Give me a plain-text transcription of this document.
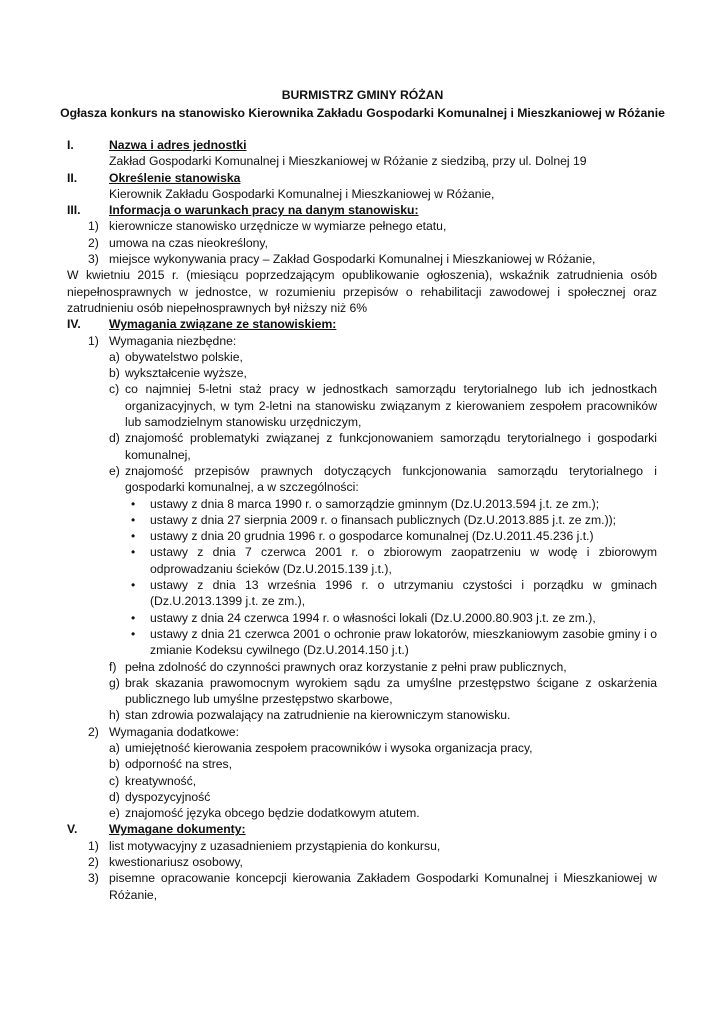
BURMISTRZ GMINY RÓŻAN
Ogłasza konkurs na stanowisko Kierownika Zakładu Gospodarki Komunalnej i Mieszkaniowej w Różanie
I.	Nazwa i adres jednostki
Zakład Gospodarki Komunalnej i Mieszkaniowej w Różanie z siedzibą, przy ul. Dolnej 19
II.	Określenie stanowiska
Kierownik Zakładu Gospodarki Komunalnej i Mieszkaniowej w Różanie,
III. Informacja o warunkach pracy na danym stanowisku:
1) kierownicze stanowisko urzędnicze w wymiarze pełnego etatu,
2) umowa na czas nieokreślony,
3) miejsce wykonywania pracy – Zakład Gospodarki Komunalnej i Mieszkaniowej w Różanie,
W kwietniu 2015 r. (miesiącu poprzedzającym opublikowanie ogłoszenia), wskaźnik zatrudnienia osób niepełnosprawnych w jednostce, w rozumieniu przepisów o rehabilitacji zawodowej i społecznej oraz zatrudnieniu osób niepełnosprawnych był niższy niż 6%
IV. Wymagania związane ze stanowiskiem:
1) Wymagania niezbędne:
a) obywatelstwo polskie,
b) wykształcenie wyższe,
c) co najmniej 5-letni staż pracy w jednostkach samorządu terytorialnego lub ich jednostkach organizacyjnych, w tym 2-letni na stanowisku związanym z kierowaniem zespołem pracowników lub samodzielnym stanowisku urzędniczym,
d) znajomość problematyki związanej z funkcjonowaniem samorządu terytorialnego i gospodarki komunalnej,
e) znajomość przepisów prawnych dotyczących funkcjonowania samorządu terytorialnego i gospodarki komunalnej, a w szczególności:
• ustawy z dnia 8 marca 1990 r. o samorządzie gminnym (Dz.U.2013.594 j.t. ze zm.);
• ustawy z dnia 27 sierpnia 2009 r. o finansach publicznych (Dz.U.2013.885 j.t. ze zm.));
• ustawy z dnia 20 grudnia 1996 r. o gospodarce komunalnej (Dz.U.2011.45.236 j.t.)
• ustawy z dnia 7 czerwca 2001 r. o zbiorowym zaopatrzeniu w wodę i zbiorowym odprowadzaniu ścieków (Dz.U.2015.139 j.t.),
• ustawy z dnia 13 września 1996 r. o utrzymaniu czystości i porządku w gminach (Dz.U.2013.1399 j.t. ze zm.),
• ustawy z dnia 24 czerwca 1994 r. o własności lokali (Dz.U.2000.80.903 j.t. ze zm.),
• ustawy z dnia 21 czerwca 2001 o ochronie praw lokatorów, mieszkaniowym zasobie gminy i o zmianie Kodeksu cywilnego (Dz.U.2014.150 j.t.)
f) pełna zdolność do czynności prawnych oraz korzystanie z pełni praw publicznych,
g) brak skazania prawomocnym wyrokiem sądu za umyślne przestępstwo ścigane z oskarżenia publicznego lub umyślne przestępstwo skarbowe,
h) stan zdrowia pozwalający na zatrudnienie na kierowniczym stanowisku.
2) Wymagania dodatkowe:
a) umiejętność kierowania zespołem pracowników i wysoka organizacja pracy,
b) odporność na stres,
c) kreatywność,
d) dyspozycyjność
e) znajomość języka obcego będzie dodatkowym atutem.
V.	Wymagane dokumenty:
1) list motywacyjny z uzasadnieniem przystąpienia do konkursu,
2) kwestionariusz osobowy,
3) pisemne opracowanie koncepcji kierowania Zakładem Gospodarki Komunalnej i Mieszkaniowej w Różanie,
